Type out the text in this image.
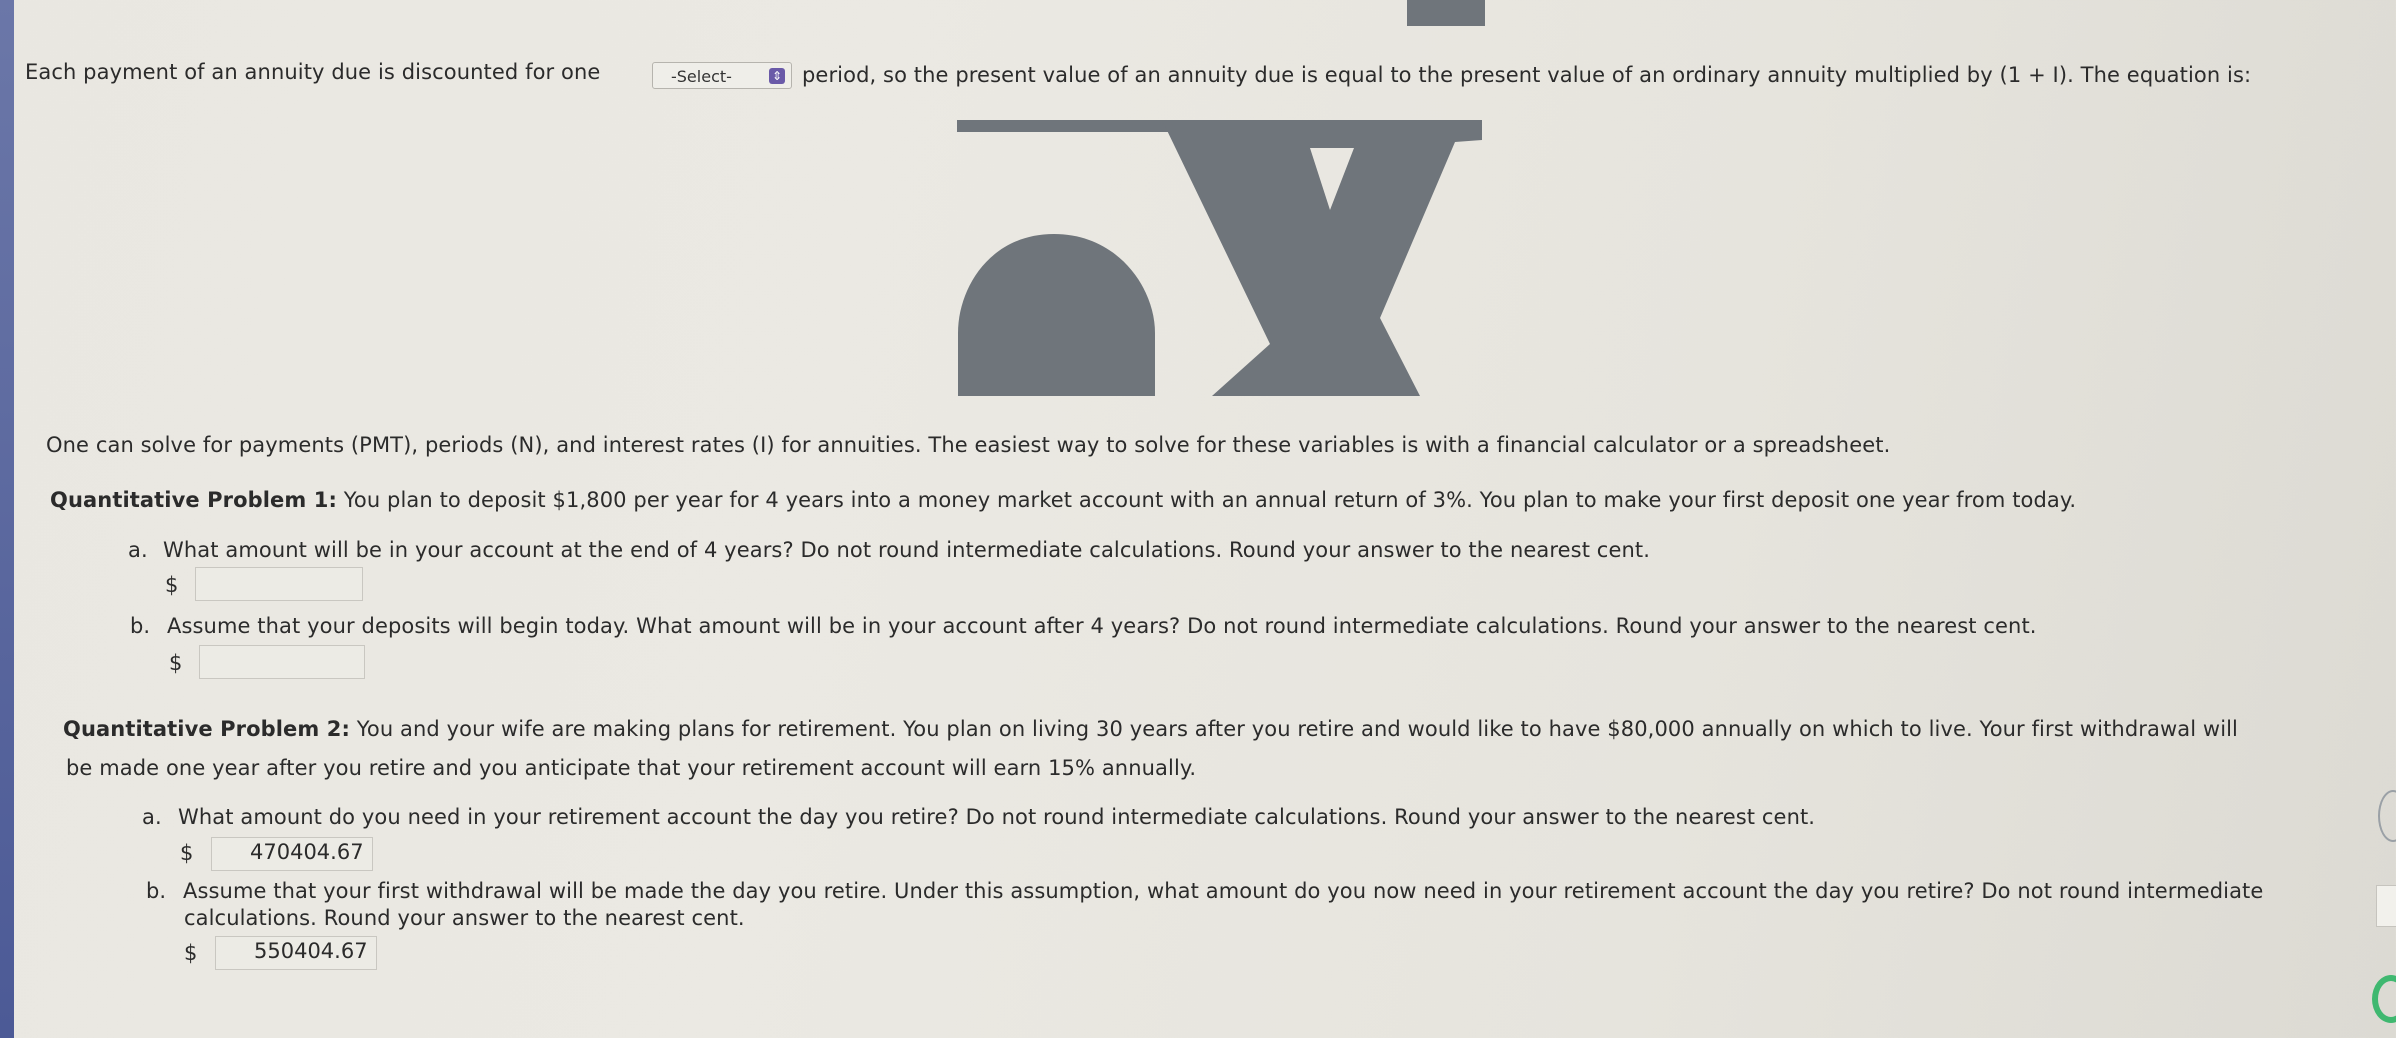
Each payment of an annuity due is discounted for one	-Select-	⇕ period, so the present value of an annuity due is equal to the present value of an ordinary annuity multiplied by (1 + I). The equation is:
One can solve for payments (PMT), periods (N), and interest rates (I) for annuities. The easiest way to solve for these variables is with a financial calculator or a spreadsheet.
Quantitative Problem 1: You plan to deposit $1,800 per year for 4 years into a money market account with an annual return of 3%. You plan to make your first deposit one year from today.
a. What amount will be in your account at the end of 4 years? Do not round intermediate calculations. Round your answer to the nearest cent.
$
b. Assume that your deposits will begin today. What amount will be in your account after 4 years? Do not round intermediate calculations. Round your answer to the nearest cent.
$
Quantitative Problem 2: You and your wife are making plans for retirement. You plan on living 30 years after you retire and would like to have $80,000 annually on which to live. Your first withdrawal will
be made one year after you retire and you anticipate that your retirement account will earn 15% annually.
a. What amount do you need in your retirement account the day you retire? Do not round intermediate calculations. Round your answer to the nearest cent.
$	470404.67
b. Assume that your first withdrawal will be made the day you retire. Under this assumption, what amount do you now need in your retirement account the day you retire? Do not round intermediate
calculations. Round your answer to the nearest cent.
$	550404.67
